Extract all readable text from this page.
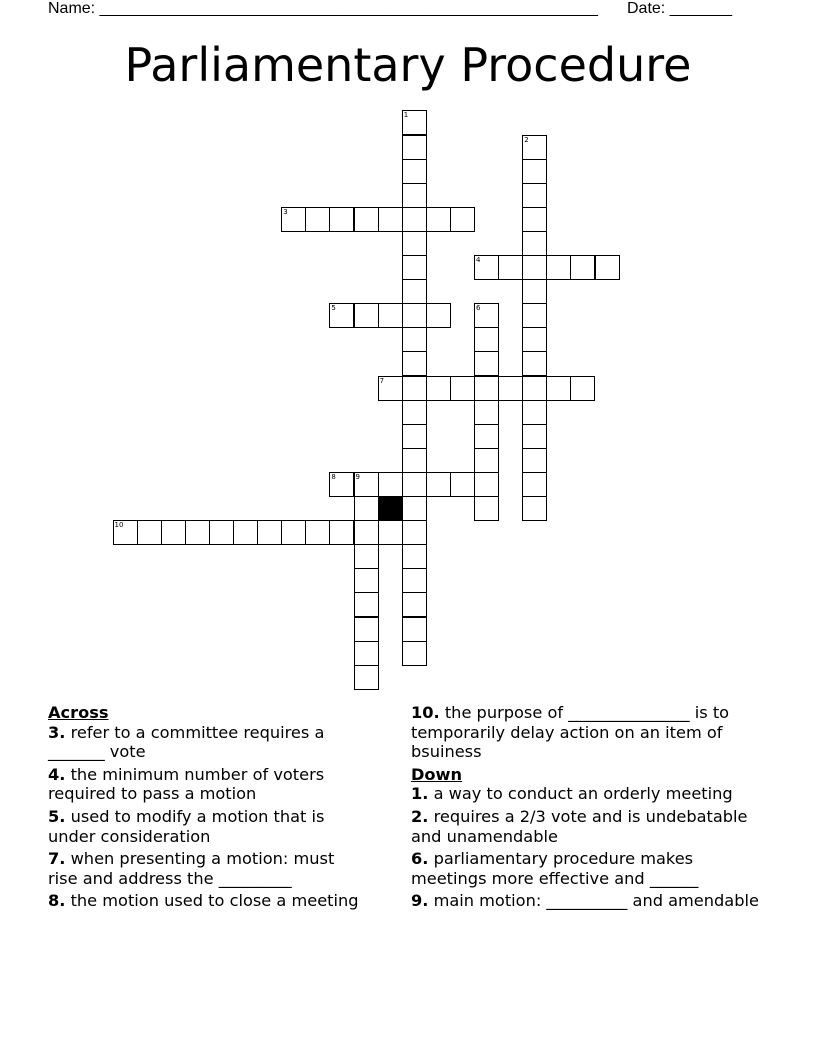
Name: ________________________________________________________ Date: _______
Parliamentary Procedure
1
2
3
4
5	6
7
8	9
10
Across
3. refer to a committee requires a _______ vote
4. the minimum number of voters required to pass a motion
5. used to modify a motion that is under consideration
7. when presenting a motion: must rise and address the _________
8. the motion used to close a meeting
10. the purpose of _______________ is to temporarily delay action on an item of bsuiness
Down
1. a way to conduct an orderly meeting
2. requires a 2/3 vote and is undebatable and unamendable
6. parliamentary procedure makes meetings more effective and ______
9. main motion: __________ and amendable
